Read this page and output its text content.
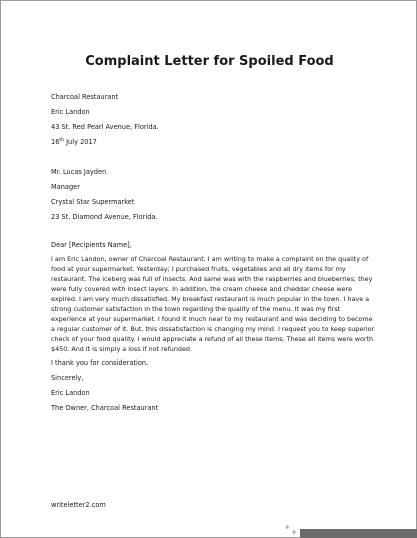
Complaint Letter for Spoiled Food
Charcoal Restaurant
Eric Landon
43 St. Red Pearl Avenue, Florida.
16th July 2017
Mr. Lucas Jayden
Manager
Crystal Star Supermarket
23 St. Diamond Avenue, Florida.
Dear [Recipients Name],
I am Eric Landon, owner of Charcoal Restaurant. I am writing to make a complaint on the quality of food at your supermarket. Yesterday; I purchased fruits, vegetables and all dry items for my restaurant. The iceberg was full of insects. And same was with the raspberries and blueberries; they were fully covered with insect layers. In addition, the cream cheese and cheddar cheese were expired. I am very much dissatisfied. My breakfast restaurant is much popular in the town. I have a strong customer satisfaction in the town regarding the quality of the menu. It was my first experience at your supermarket. I found it much near to my restaurant and was deciding to become a regular customer of it. But, this dissatisfaction is changing my mind. I request you to keep superior check of your food quality. I would appreciate a refund of all these items. These all items were worth $450. And it is simply a loss if not refunded.
I thank you for consideration.
Sincerely,
Eric Landon
The Owner, Charcoal Restaurant
writeletter2.com
